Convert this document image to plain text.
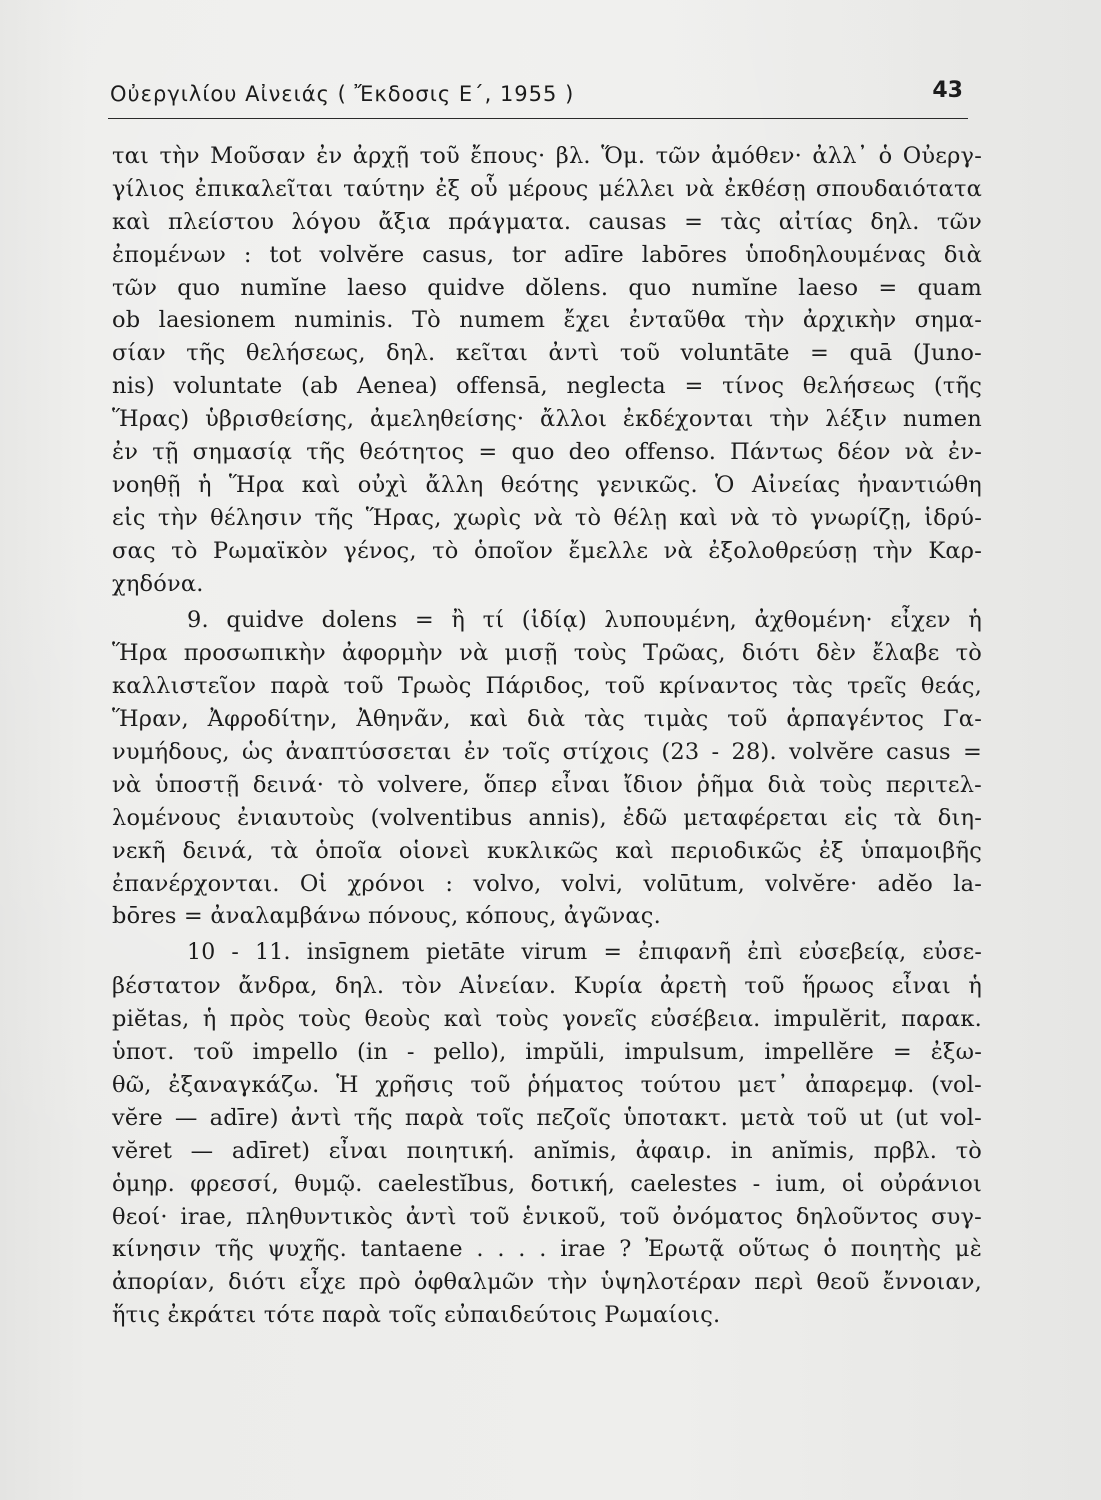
Οὐεργιλίου Αἰνειάς ( Ἔκδοσις Ε΄, 1955 )	43
ται τὴν Μοῦσαν ἐν ἀρχῇ τοῦ ἔπους· βλ. Ὅμ. τῶν ἀμόθεν· ἀλλ᾽ ὁ Οὐεργ-
γίλιος ἐπικαλεῖται ταύτην ἐξ οὗ μέρους μέλλει νὰ ἐκθέσῃ σπουδαιότατα
καὶ πλείστου λόγου ἄξια πράγματα. causas = τὰς αἰτίας δηλ. τῶν
ἐπομένων : tot volvĕre casus, tor adīre labōres ὑποδηλουμένας διὰ
τῶν quo numĭne laeso quidve dŏlens. quo numĭne laeso = quam
ob laesionem numinis. Τὸ numem ἔχει ἐνταῦθα τὴν ἀρχικὴν σημα-
σίαν τῆς θελήσεως, δηλ. κεῖται ἀντὶ τοῦ voluntāte = quā (Juno-
nis) voluntate (ab Aenea) offensā, neglecta = τίνος θελήσεως (τῆς
Ἥρας) ὑβρισθείσης, ἀμεληθείσης· ἄλλοι ἐκδέχονται τὴν λέξιν numen
ἐν τῇ σημασίᾳ τῆς θεότητος = quo deo offenso. Πάντως δέον νὰ ἐν-
νοηθῇ ἡ Ἥρα καὶ οὐχὶ ἄλλη θεότης γενικῶς. Ὁ Αἰνείας ἠναντιώθη
εἰς τὴν θέλησιν τῆς Ἥρας, χωρὶς νὰ τὸ θέλῃ καὶ νὰ τὸ γνωρίζῃ, ἱδρύ-
σας τὸ Ρωμαϊκὸν γένος, τὸ ὁποῖον ἔμελλε νὰ ἐξολοθρεύσῃ τὴν Καρ-
χηδόνα.
9. quidve dolens = ἢ τί (ἰδίᾳ) λυπουμένη, ἀχθομένη· εἶχεν ἡ
Ἥρα προσωπικὴν ἀφορμὴν νὰ μισῇ τοὺς Τρῶας, διότι δὲν ἔλαβε τὸ
καλλιστεῖον παρὰ τοῦ Τρωὸς Πάριδος, τοῦ κρίναντος τὰς τρεῖς θεάς,
Ἥραν, Ἀφροδίτην, Ἀθηνᾶν, καὶ διὰ τὰς τιμὰς τοῦ ἁρπαγέντος Γα-
νυμήδους, ὡς ἀναπτύσσεται ἐν τοῖς στίχοις (23 - 28). volvĕre casus =
νὰ ὑποστῇ δεινά· τὸ volvere, ὅπερ εἶναι ἴδιον ῥῆμα διὰ τοὺς περιτελ-
λομένους ἐνιαυτοὺς (volventibus annis), ἐδῶ μεταφέρεται εἰς τὰ διη-
νεκῆ δεινά, τὰ ὁποῖα οἱονεὶ κυκλικῶς καὶ περιοδικῶς ἐξ ὑπαμοιβῆς
ἐπανέρχονται. Οἱ χρόνοι : volvo, volvi, volūtum, volvĕre· adĕo la-
bōres = ἀναλαμβάνω πόνους, κόπους, ἀγῶνας.
10 - 11. insīgnem pietāte virum = ἐπιφανῆ ἐπὶ εὐσεβείᾳ, εὐσε-
βέστατον ἄνδρα, δηλ. τὸν Αἰνείαν. Κυρία ἀρετὴ τοῦ ἥρωος εἶναι ἡ
piĕtas, ἡ πρὸς τοὺς θεοὺς καὶ τοὺς γονεῖς εὐσέβεια. impulĕrit, παρακ.
ὑποτ. τοῦ impello (in - pello), impŭli, impulsum, impellĕre = ἐξω-
θῶ, ἐξαναγκάζω. Ἡ χρῆσις τοῦ ῥήματος τούτου μετ᾽ ἀπαρεμφ. (vol-
vĕre — adīre) ἀντὶ τῆς παρὰ τοῖς πεζοῖς ὑποτακτ. μετὰ τοῦ ut (ut vol-
vĕret — adīret) εἶναι ποιητική. anĭmis, ἀφαιρ. in anĭmis, πρβλ. τὸ
ὁμηρ. φρεσσί, θυμῷ. caelestĭbus, δοτική, caelestes - ium, οἱ οὐράνιοι
θεοί· irae, πληθυντικὸς ἀντὶ τοῦ ἑνικοῦ, τοῦ ὀνόματος δηλοῦντος συγ-
κίνησιν τῆς ψυχῆς. tantaene . . . . irae ? Ἐρωτᾷ οὕτως ὁ ποιητὴς μὲ
ἀπορίαν, διότι εἶχε πρὸ ὀφθαλμῶν τὴν ὑψηλοτέραν περὶ θεοῦ ἔννοιαν,
ἥτις ἐκράτει τότε παρὰ τοῖς εὐπαιδεύτοις Ρωμαίοις.
